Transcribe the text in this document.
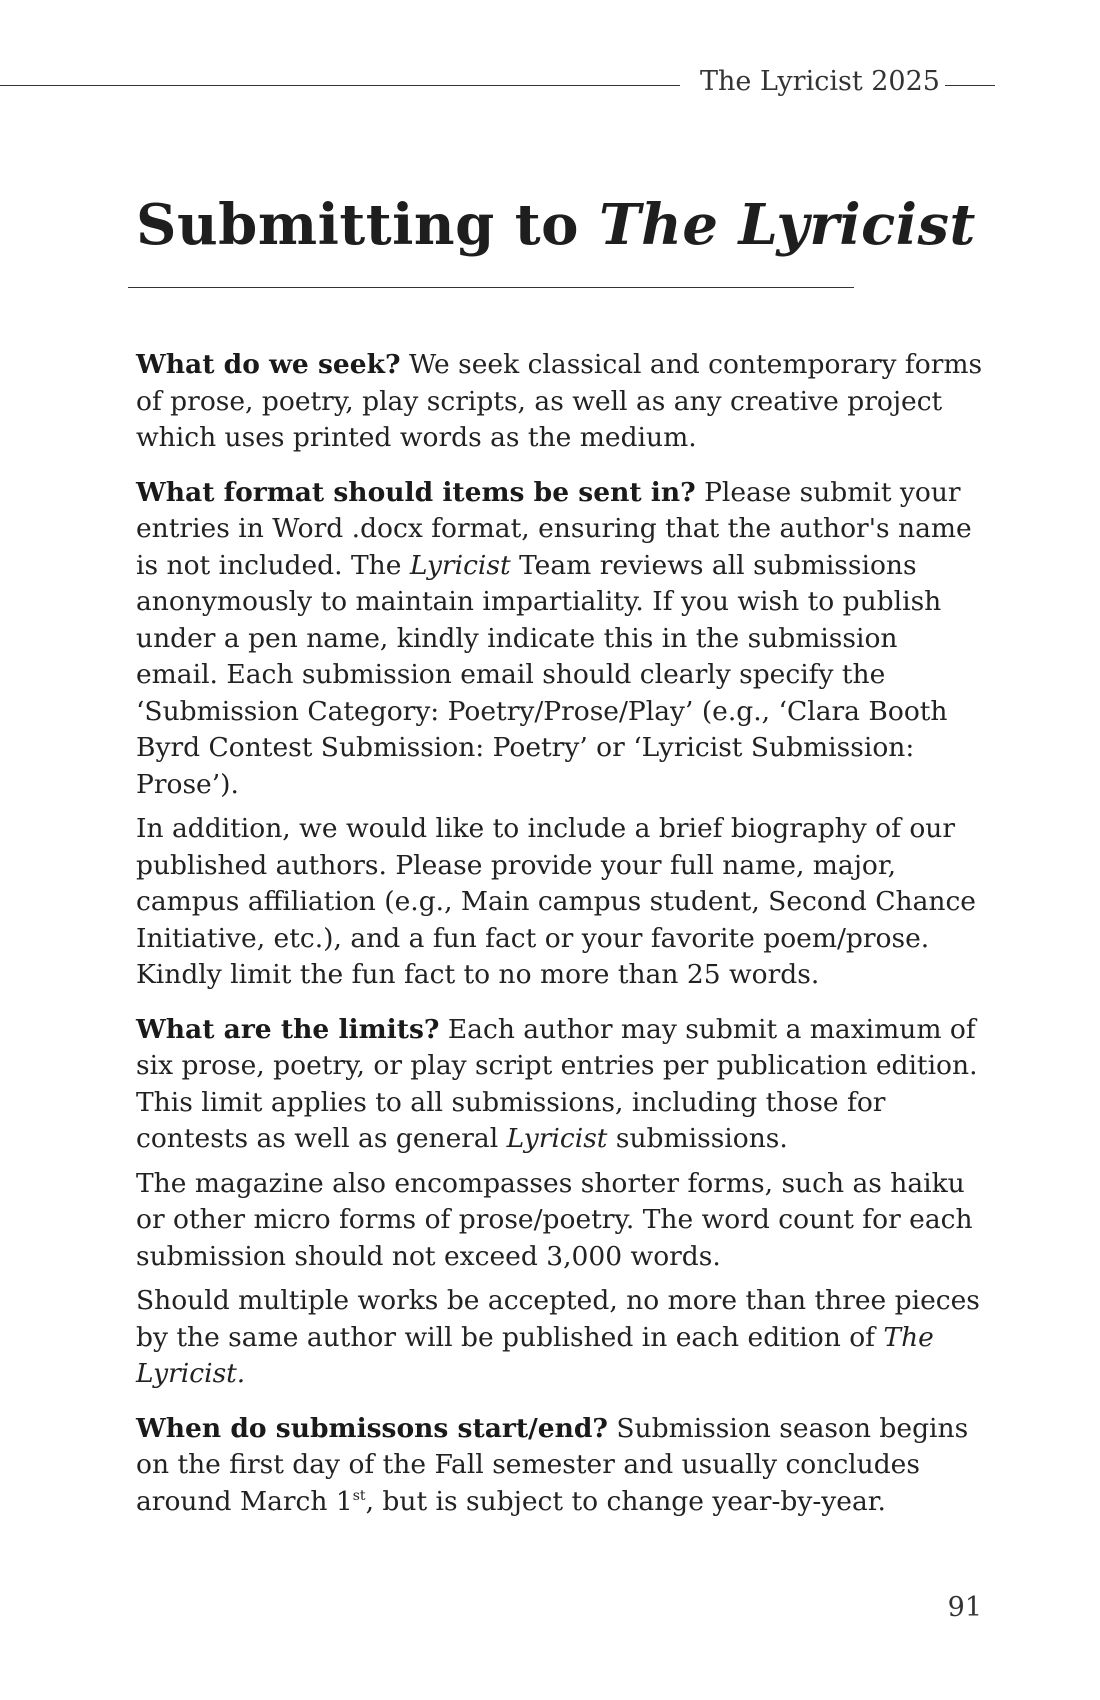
The Lyricist 2025
Submitting to The Lyricist

What do we seek? We seek classical and contemporary forms of prose, poetry, play scripts, as well as any creative project which uses printed words as the medium.

What format should items be sent in? Please submit your entries in Word .docx format, ensuring that the author's name is not included. The Lyricist Team reviews all submissions anonymously to maintain impartiality. If you wish to publish under a pen name, kindly indicate this in the submission email. Each submission email should clearly specify the ‘Submission Category: Poetry/Prose/Play’ (e.g., ‘Clara Booth Byrd Contest Submission: Poetry’ or ‘Lyricist Submission: Prose’).

In addition, we would like to include a brief biography of our published authors. Please provide your full name, major, campus affiliation (e.g., Main campus student, Second Chance Initiative, etc.), and a fun fact or your favorite poem/prose. Kindly limit the fun fact to no more than 25 words.

What are the limits? Each author may submit a maximum of six prose, poetry, or play script entries per publication edition. This limit applies to all submissions, including those for contests as well as general Lyricist submissions.

The magazine also encompasses shorter forms, such as haiku or other micro forms of prose/poetry. The word count for each submission should not exceed 3,000 words.

Should multiple works be accepted, no more than three pieces by the same author will be published in each edition of The Lyricist.

When do submissons start/end? Submission season begins on the first day of the Fall semester and usually concludes around March 1st, but is subject to change year-by-year.

91
